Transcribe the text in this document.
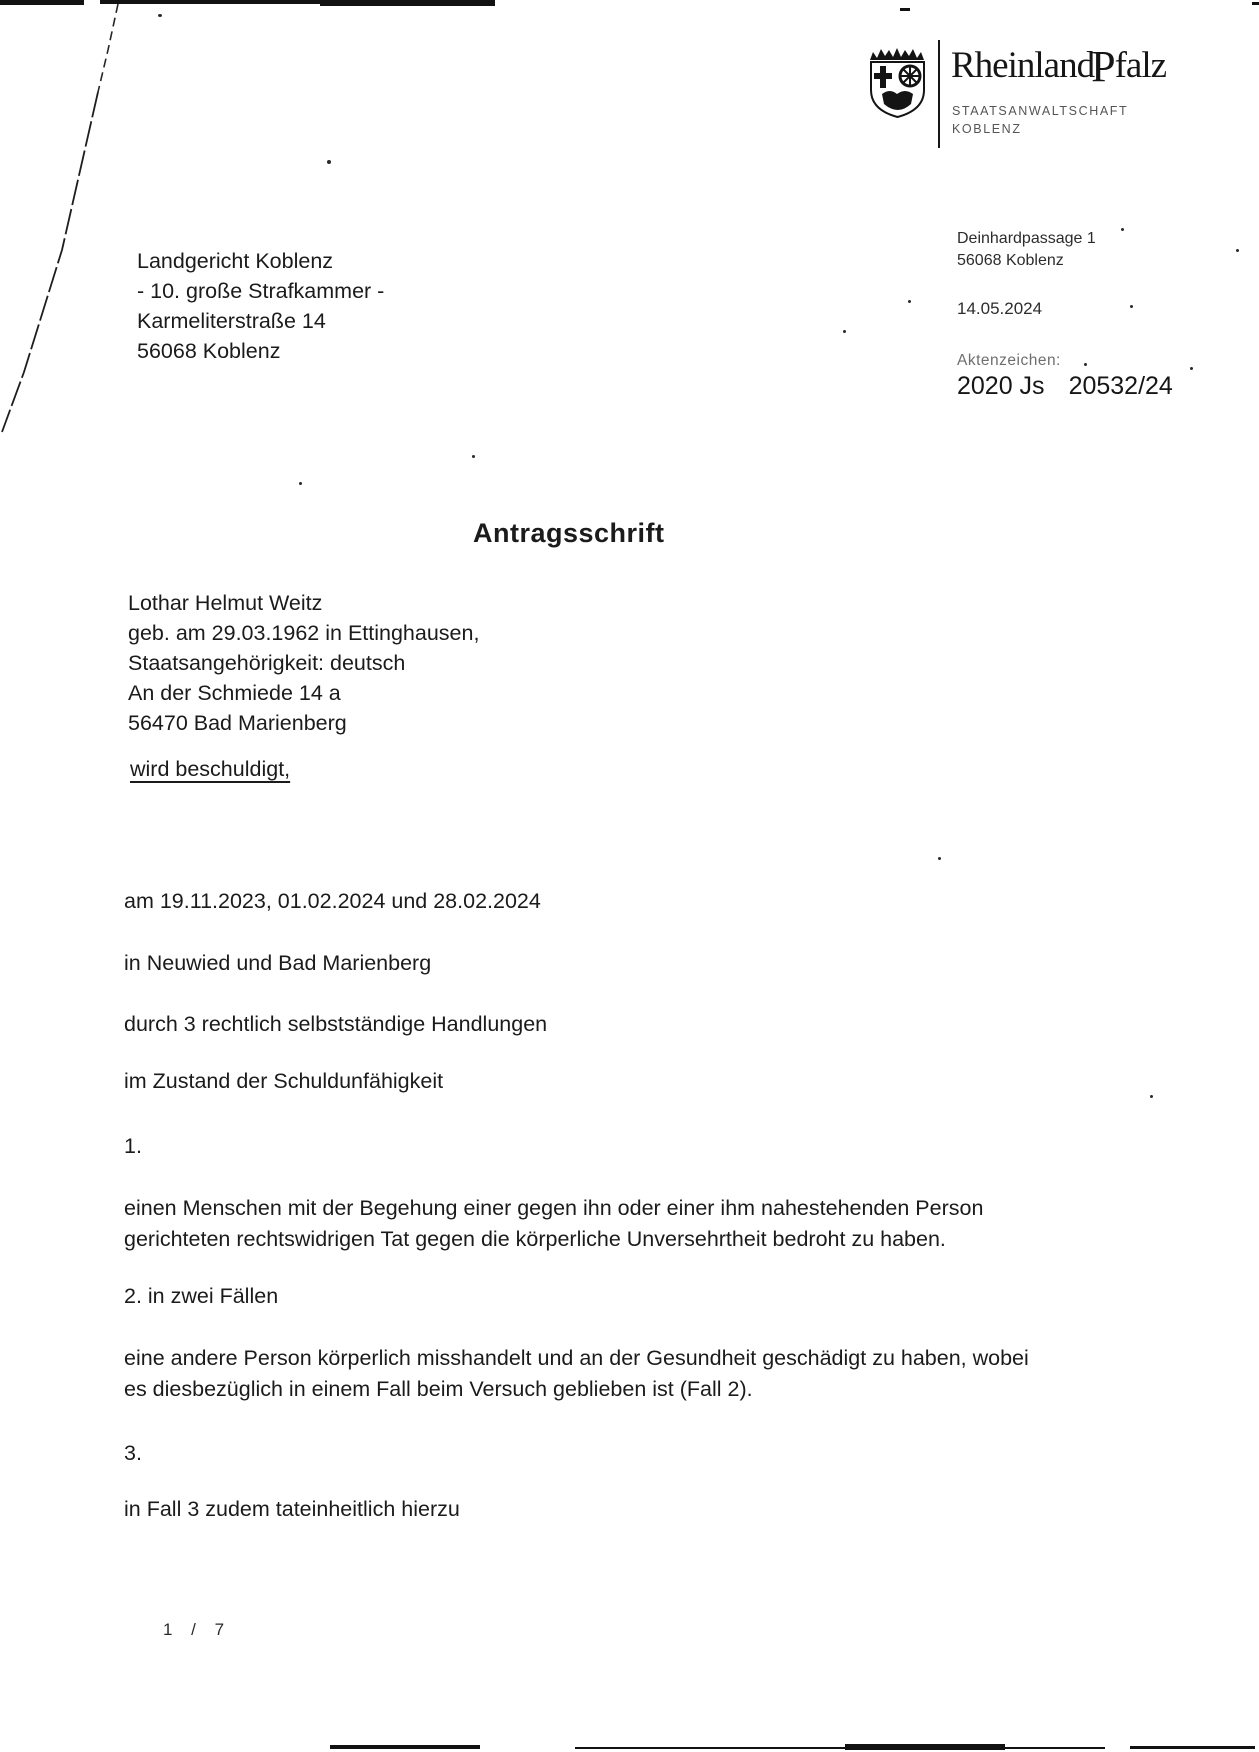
RheinlandPfalz
STAATSANWALTSCHAFT
KOBLENZ
Landgericht Koblenz
- 10. große Strafkammer -
Karmeliterstraße 14
56068 Koblenz
Deinhardpassage 1
56068 Koblenz
14.05.2024
Aktenzeichen:
2020 Js 20532/24
Antragsschrift
Lothar Helmut Weitz
geb. am 29.03.1962 in Ettinghausen,
Staatsangehörigkeit: deutsch
An der Schmiede 14 a
56470 Bad Marienberg
wird beschuldigt,
am 19.11.2023, 01.02.2024 und 28.02.2024
in Neuwied und Bad Marienberg
durch 3 rechtlich selbstständige Handlungen
im Zustand der Schuldunfähigkeit
1.
einen Menschen mit der Begehung einer gegen ihn oder einer ihm nahestehenden Person gerichteten rechtswidrigen Tat gegen die körperliche Unversehrtheit bedroht zu haben.
2. in zwei Fällen
eine andere Person körperlich misshandelt und an der Gesundheit geschädigt zu haben, wobei es diesbezüglich in einem Fall beim Versuch geblieben ist (Fall 2).
3.
in Fall 3 zudem tateinheitlich hierzu
1 / 7
